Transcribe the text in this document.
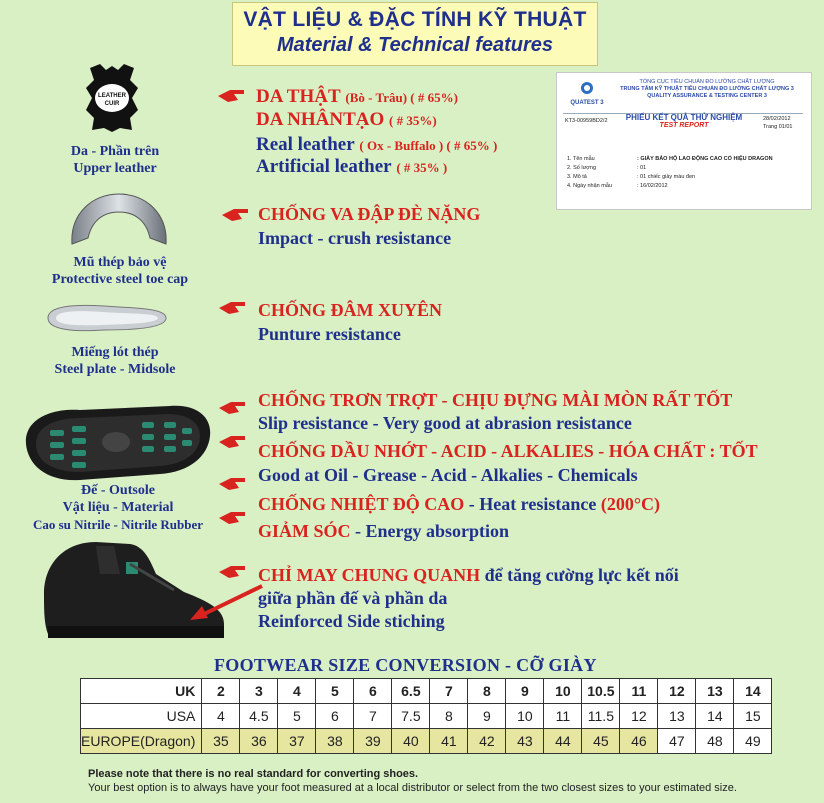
VẬT LIỆU & ĐẶC TÍNH KỸ THUẬT
Material & Technical features
LEATHER
CUIR
Da - Phần trên
Upper leather
Mũ thép bảo vệ
Protective steel toe cap
Miếng lót thép
Steel plate - Midsole
Đế - Outsole
Vật liệu - Material
Cao su Nitrile - Nitrile Rubber
DA THẬT (Bò - Trâu) ( # 65%)
DA NHÂNTẠO ( # 35%)
Real leather ( Ox - Buffalo ) ( # 65% )
Artificial leather ( # 35% )
CHỐNG VA ĐẬP ĐÈ NẶNG
Impact - crush resistance
CHỐNG ĐÂM XUYÊN
Punture resistance
CHỐNG TRƠN TRỢT - CHỊU ĐỰNG MÀI MÒN RẤT TỐT
Slip resistance - Very good at abrasion resistance
CHỐNG DẦU NHỚT - ACID - ALKALIES - HÓA CHẤT : TỐT
Good at Oil - Grease - Acid - Alkalies - Chemicals
CHỐNG NHIỆT ĐỘ CAO - Heat resistance (200°C)
GIẢM SÓC - Energy absorption
CHỈ MAY CHUNG QUANH để tăng cường lực kết nối
giữa phần đế và phần da
Reinforced Side stiching
QUATEST 3
TỔNG CỤC TIÊU CHUẨN ĐO LƯỜNG CHẤT LƯỢNG
TRUNG TÂM KỸ THUẬT TIÊU CHUẨN ĐO LƯỜNG CHẤT LƯỢNG 3
QUALITY ASSURANCE & TESTING CENTER 3
KT3-00959BD2/2	PHIẾU KẾT QUẢ THỬ NGHIỆM
TEST REPORT
28/02/2012
Trang 01/01
1. Tên mẫu	: GIÀY BẢO HỘ LAO ĐỘNG CAO CỔ HIỆU DRAGON
2. Số lượng	: 01
3. Mô tả	: 01 chiếc giày màu đen
4. Ngày nhận mẫu	: 16/02/2012
FOOTWEAR SIZE CONVERSION - CỠ GIÀY
UK	2	3	4	5	6	6.5	7	8	9	10	10.5	11	12	13	14
USA	4	4.5	5	6	7	7.5	8	9	10	11	11.5	12	13	14	15
EUROPE(Dragon)	35	36	37	38	39	40	41	42	43	44	45	46	47	48	49
Please note that there is no real standard for converting shoes.
Your best option is to always have your foot measured at a local distributor or select from the two closest sizes to your estimated size.
